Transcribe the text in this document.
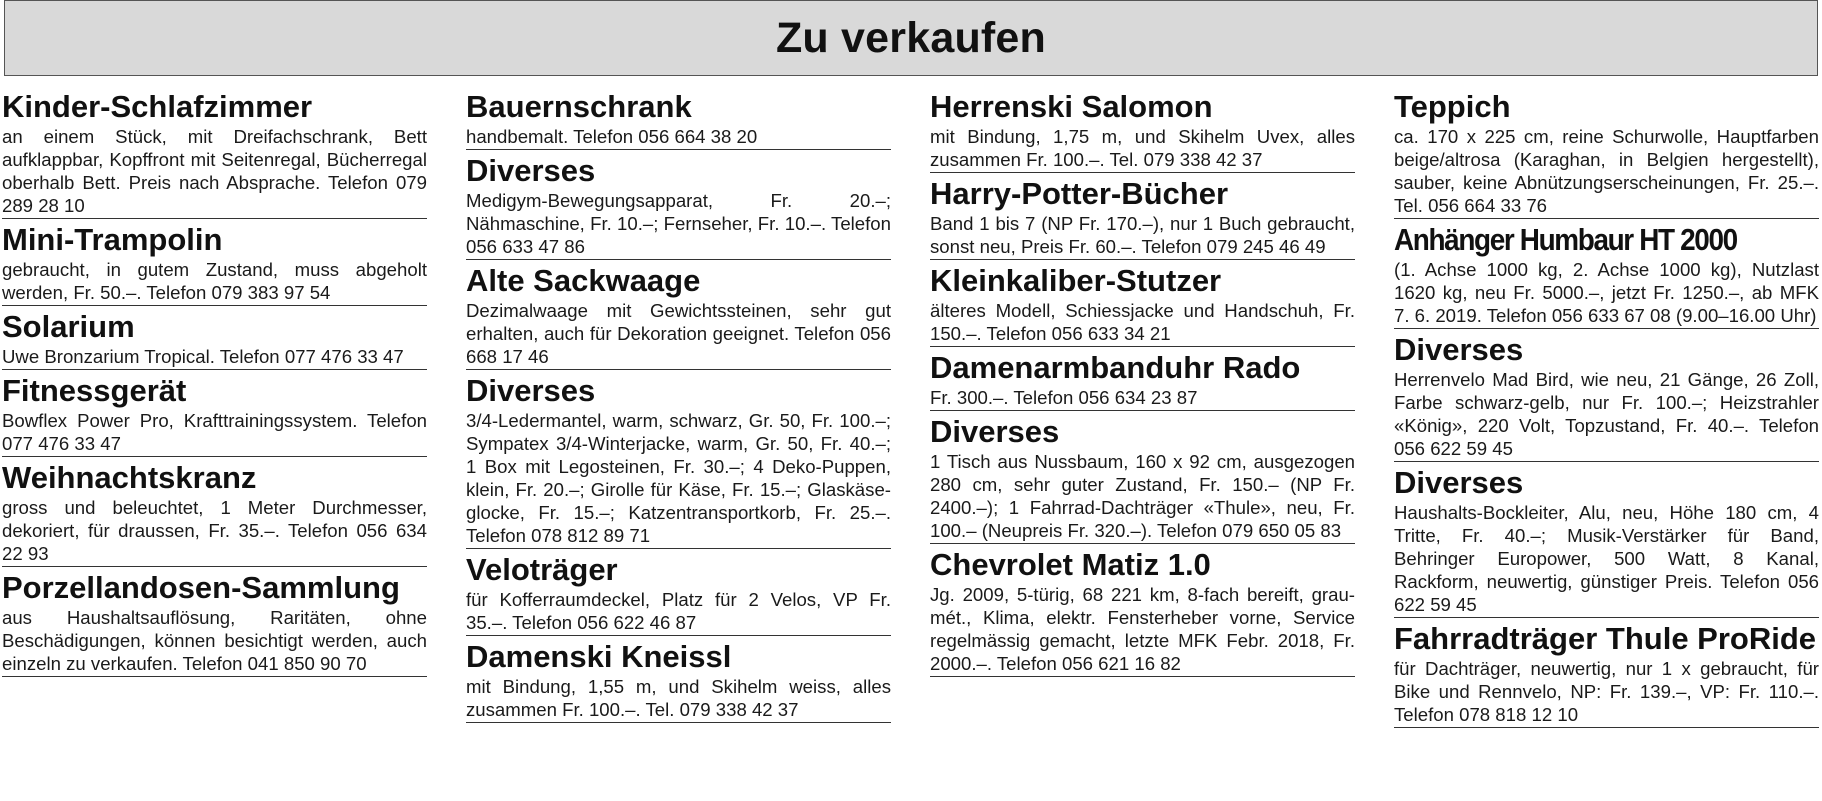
Zu verkaufen
Kinder-Schlafzimmer

an einem Stück, mit Dreifachschrank, Bett aufklappbar, Kopffront mit Seitenregal, Bücherregal oberhalb Bett. Preis nach Absprache. Telefon 079 289 28 10

Mini-Trampolin

gebraucht, in gutem Zustand, muss abgeholt werden, Fr. 50.–. Telefon 079 383 97 54

Solarium

Uwe Bronzarium Tropical. Telefon 077 476 33 47

Fitnessgerät

Bowflex Power Pro, Krafttrainingssystem. Telefon 077 476 33 47

Weihnachtskranz

gross und beleuchtet, 1 Meter Durchmesser, dekoriert, für draussen, Fr. 35.–. Telefon 056 634 22 93

Porzellandosen-Sammlung

aus Haushaltsauflösung, Raritäten, ohne Beschädigungen, können besichtigt werden, auch einzeln zu verkaufen. Telefon 041 850 90 70

Bauernschrank

handbemalt. Telefon 056 664 38 20

Diverses

Medigym-Bewegungsapparat, Fr. 20.–; Nähmaschine, Fr. 10.–; Fernseher, Fr. 10.–. Telefon 056 633 47 86

Alte Sackwaage

Dezimalwaage mit Gewichtssteinen, sehr gut erhalten, auch für Dekoration geeignet. Telefon 056 668 17 46

Diverses

3/4-Ledermantel, warm, schwarz, Gr. 50, Fr. 100.–; Sympatex 3/4-Winterjacke, warm, Gr. 50, Fr. 40.–; 1 Box mit Legosteinen, Fr. 30.–; 4 Deko-Puppen, klein, Fr. 20.–; Girolle für Käse, Fr. 15.–; Glaskäseglocke, Fr. 15.–; Katzentransportkorb, Fr. 25.–. Telefon 078 812 89 71

Veloträger

für Kofferraumdeckel, Platz für 2 Velos, VP Fr. 35.–. Telefon 056 622 46 87

Damenski Kneissl

mit Bindung, 1,55 m, und Skihelm weiss, alles zusammen Fr. 100.–. Tel. 079 338 42 37

Herrenski Salomon

mit Bindung, 1,75 m, und Skihelm Uvex, alles zusammen Fr. 100.–. Tel. 079 338 42 37

Harry-Potter-Bücher

Band 1 bis 7 (NP Fr. 170.–), nur 1 Buch gebraucht, sonst neu, Preis Fr. 60.–. Telefon 079 245 46 49

Kleinkaliber-Stutzer

älteres Modell, Schiessjacke und Handschuh, Fr. 150.–. Telefon 056 633 34 21

Damenarmbanduhr Rado

Fr. 300.–. Telefon 056 634 23 87

Diverses

1 Tisch aus Nussbaum, 160 x 92 cm, ausgezogen 280 cm, sehr guter Zustand, Fr. 150.– (NP Fr. 2400.–); 1 Fahrrad-Dachträger «Thule», neu, Fr. 100.– (Neupreis Fr. 320.–). Telefon 079 650 05 83

Chevrolet Matiz 1.0

Jg. 2009, 5-türig, 68 221 km, 8-fach bereift, grau-mét., Klima, elektr. Fensterheber vorne, Service regelmässig gemacht, letzte MFK Febr. 2018, Fr. 2000.–. Telefon 056 621 16 82

Teppich

ca. 170 x 225 cm, reine Schurwolle, Hauptfarben beige/altrosa (Karaghan, in Belgien hergestellt), sauber, keine Abnützungserscheinungen, Fr. 25.–. Tel. 056 664 33 76

Anhänger Humbaur HT 2000

(1. Achse 1000 kg, 2. Achse 1000 kg), Nutzlast 1620 kg, neu Fr. 5000.–, jetzt Fr. 1250.–, ab MFK 7. 6. 2019. Telefon 056 633 67 08 (9.00–16.00 Uhr)

Diverses

Herrenvelo Mad Bird, wie neu, 21 Gänge, 26 Zoll, Farbe schwarz-gelb, nur Fr. 100.–; Heizstrahler «König», 220 Volt, Topzustand, Fr. 40.–. Telefon 056 622 59 45

Diverses

Haushalts-Bockleiter, Alu, neu, Höhe 180 cm, 4 Tritte, Fr. 40.–; Musik-Verstärker für Band, Behringer Europower, 500 Watt, 8 Kanal, Rackform, neuwertig, günstiger Preis. Telefon 056 622 59 45

Fahrradträger Thule ProRide

für Dachträger, neuwertig, nur 1 x gebraucht, für Bike und Rennvelo, NP: Fr. 139.–, VP: Fr. 110.–. Telefon 078 818 12 10
